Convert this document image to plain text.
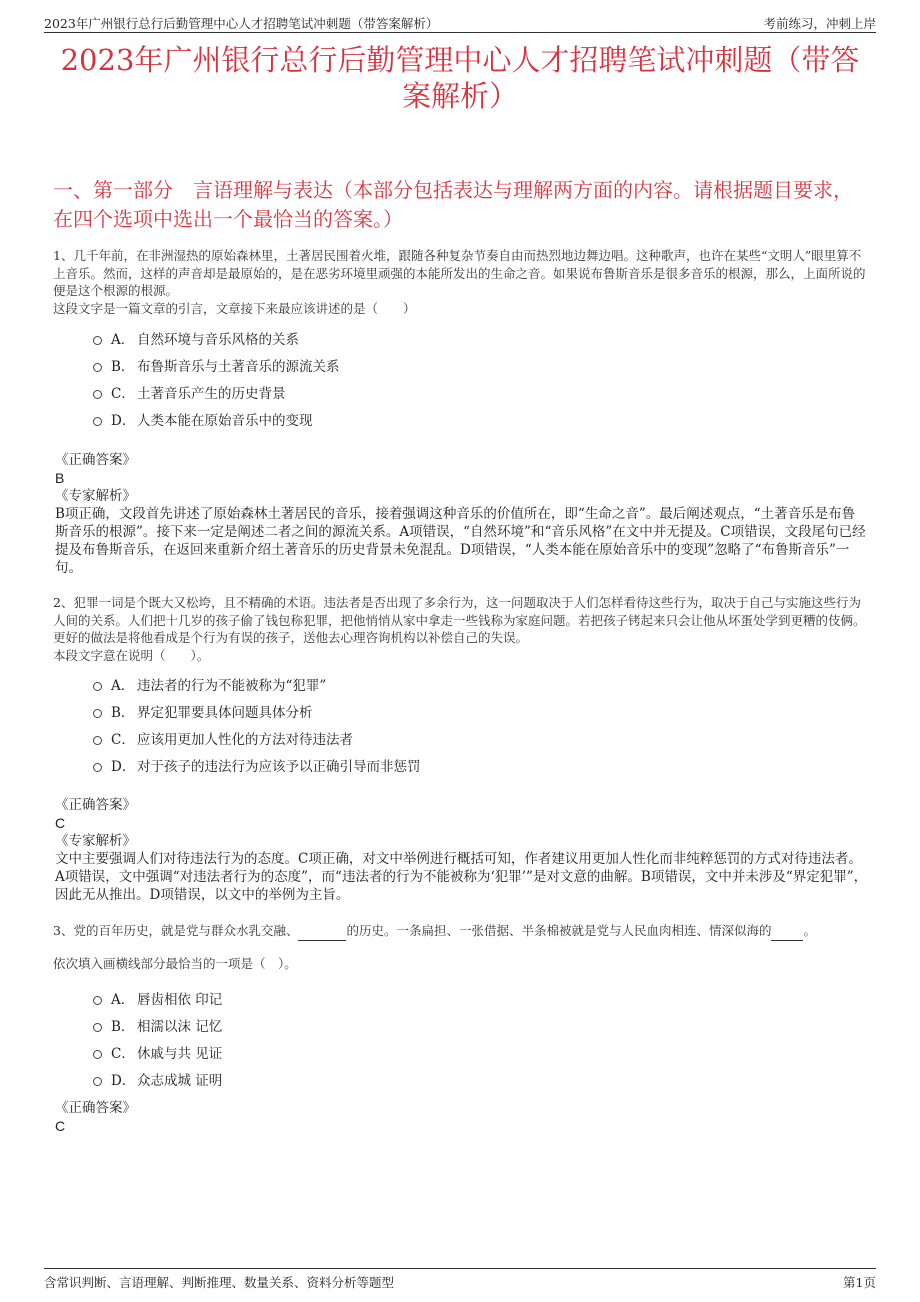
2023年广州银行总行后勤管理中心人才招聘笔试冲刺题（带答案解析）	考前练习，冲刺上岸
2023年广州银行总行后勤管理中心人才招聘笔试冲刺题（带答案解析）
一、第一部分　言语理解与表达（本部分包括表达与理解两方面的内容。请根据题目要求，在四个选项中选出一个最恰当的答案。）

1、几千年前，在非洲湿热的原始森林里，土著居民围着火堆，跟随各种复杂节奏自由而热烈地边舞边唱。这种歌声，也许在某些“文明人”眼里算不上音乐。然而，这样的声音却是最原始的，是在恶劣环境里顽强的本能所发出的生命之音。如果说布鲁斯音乐是很多音乐的根源，那么，上面所说的便是这个根源的根源。

这段文字是一篇文章的引言，文章接下来最应该讲述的是（　　）

A． 自然环境与音乐风格的关系
B． 布鲁斯音乐与土著音乐的源流关系
C． 土著音乐产生的历史背景
D． 人类本能在原始音乐中的变现

《正确答案》

B

《专家解析》

B项正确，文段首先讲述了原始森林土著居民的音乐，接着强调这种音乐的价值所在，即“生命之音”。最后阐述观点，“土著音乐是布鲁斯音乐的根源”。接下来一定是阐述二者之间的源流关系。A项错误，“自然环境”和“音乐风格”在文中并无提及。C项错误，文段尾句已经提及布鲁斯音乐，在返回来重新介绍土著音乐的历史背景未免混乱。D项错误，“人类本能在原始音乐中的变现”忽略了“布鲁斯音乐”一句。

2、犯罪一词是个既大又松垮，且不精确的术语。违法者是否出现了多余行为，这一问题取决于人们怎样看待这些行为，取决于自己与实施这些行为人间的关系。人们把十几岁的孩子偷了钱包称犯罪，把他悄悄从家中拿走一些钱称为家庭问题。若把孩子铐起来只会让他从坏蛋处学到更糟的伎俩。更好的做法是将他看成是个行为有误的孩子，送他去心理咨询机构以补偿自己的失误。

本段文字意在说明（　　）。

A． 违法者的行为不能被称为“犯罪”
B． 界定犯罪要具体问题具体分析
C． 应该用更加人性化的方法对待违法者
D． 对于孩子的违法行为应该予以正确引导而非惩罚

《正确答案》

C

《专家解析》

文中主要强调人们对待违法行为的态度。C项正确，对文中举例进行概括可知，作者建议用更加人性化而非纯粹惩罚的方式对待违法者。A项错误，文中强调“对违法者行为的态度”，而“违法者的行为不能被称为‘犯罪’”是对文意的曲解。B项错误，文中并未涉及“界定犯罪”，因此无从推出。D项错误，以文中的举例为主旨。

3、党的百年历史，就是党与群众水乳交融、	的历史。一条扁担、一张借据、半条棉被就是党与人民血肉相连、情深似海的	。

依次填入画横线部分最恰当的一项是（　）。

A． 唇齿相依 印记
B． 相濡以沫 记忆
C． 休戚与共 见证
D． 众志成城 证明

《正确答案》

C

含常识判断、言语理解、判断推理、数量关系、资料分析等题型	第1页
